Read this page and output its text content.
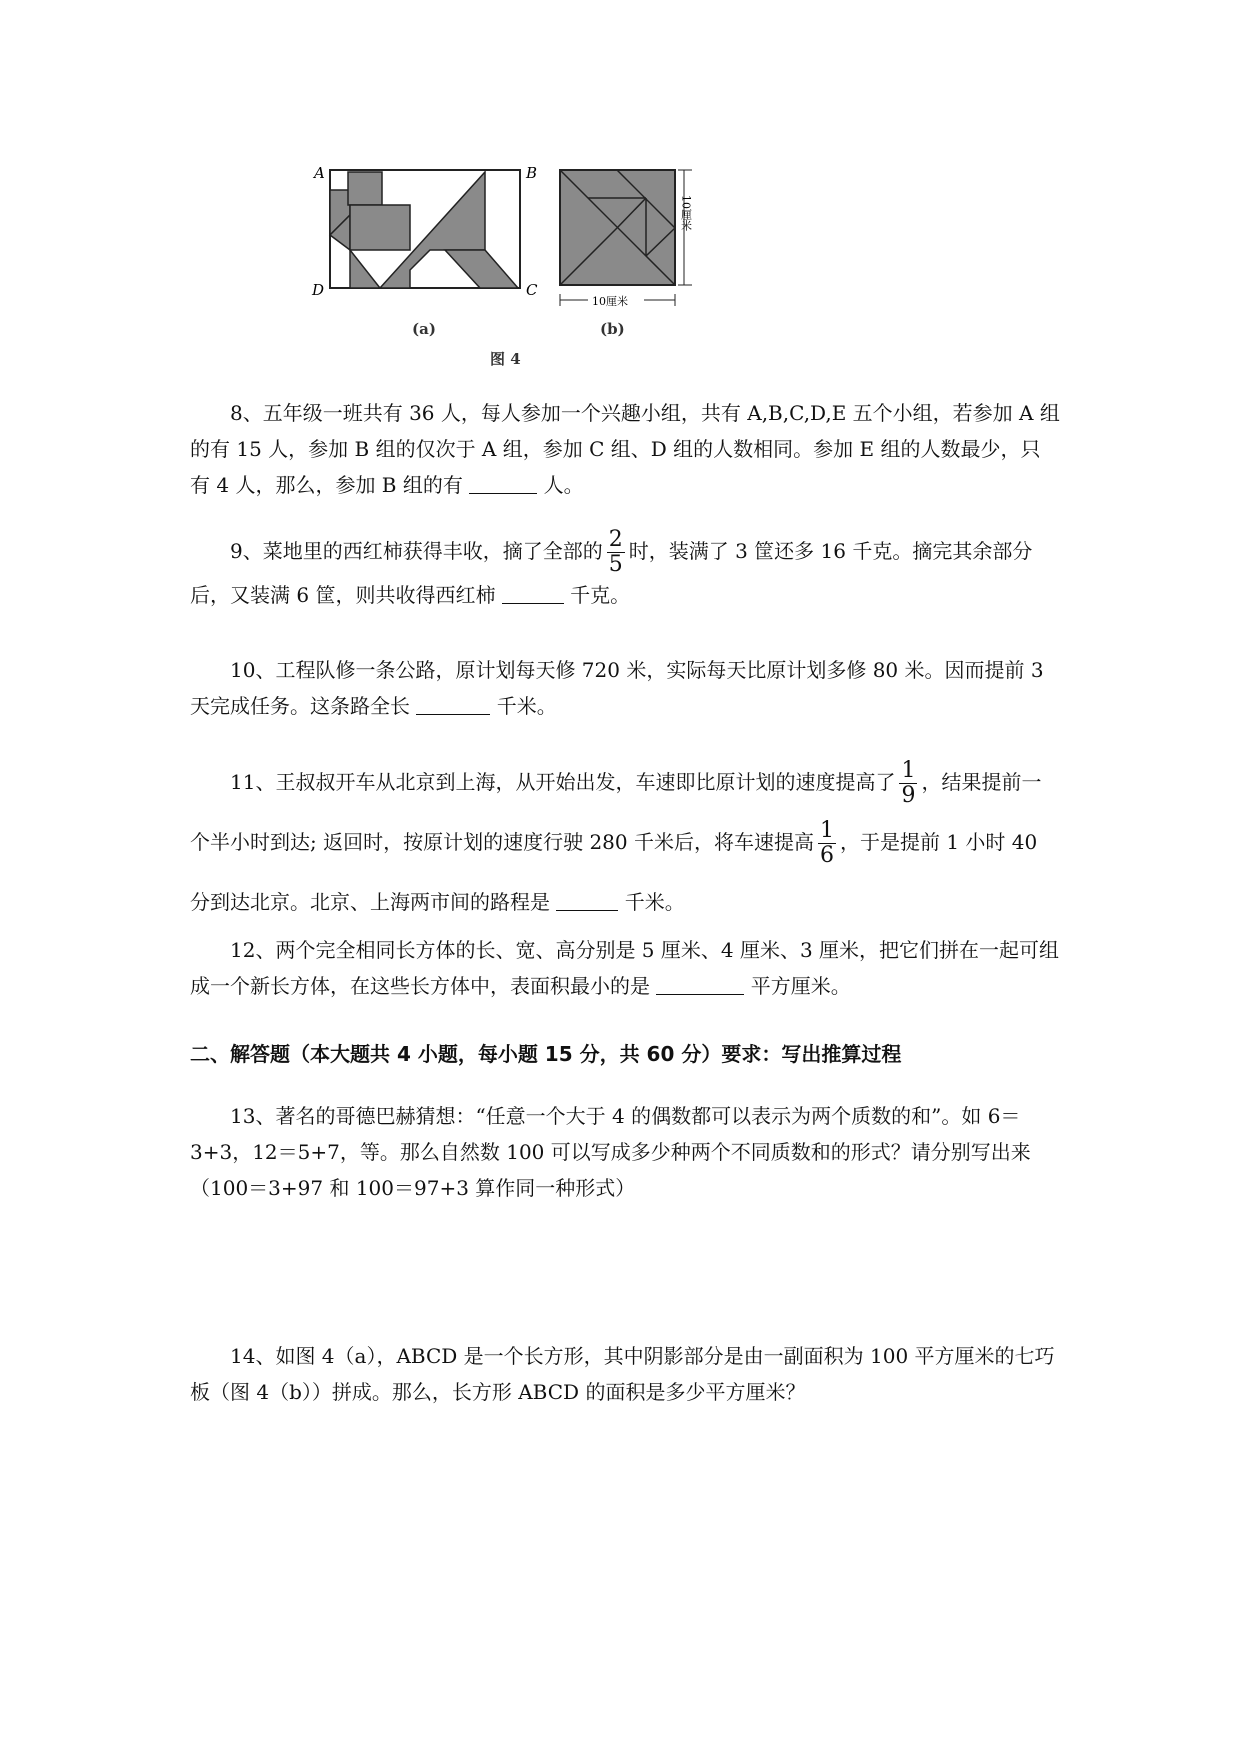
A	B
C
D
10厘米
10厘米
(a)	(b)
图 4

8、五年级一班共有 36 人，每人参加一个兴趣小组，共有 A,B,C,D,E 五个小组，若参加 A 组的有 15 人，参加 B 组的仅次于 A 组，参加 C 组、D 组的人数相同。参加 E 组的人数最少，只有 4 人，那么，参加 B 组的有	人。

9、菜地里的西红柿获得丰收，摘了全部的 $\frac{2}{5}$ 时，装满了 3 筐还多 16 千克。摘完其余部分后，又装满 6 筐，则共收得西红柿	千克。

10、工程队修一条公路，原计划每天修 720 米，实际每天比原计划多修 80 米。因而提前 3 天完成任务。这条路全长	千米。

11、王叔叔开车从北京到上海，从开始出发，车速即比原计划的速度提高了 $\frac{1}{9}$ ，结果提前一个半小时到达; 返回时，按原计划的速度行驶 280 千米后，将车速提高 $\frac{1}{6}$ ，于是提前 1 小时 40 分到达北京。北京、上海两市间的路程是	千米。

12、两个完全相同长方体的长、宽、高分别是 5 厘米、4 厘米、3 厘米，把它们拼在一起可组成一个新长方体，在这些长方体中，表面积最小的是	平方厘米。

二、解答题（本大题共 4 小题，每小题 15 分，共 60 分）要求：写出推算过程

13、著名的哥德巴赫猜想：“任意一个大于 4 的偶数都可以表示为两个质数的和”。如 6＝3+3，12＝5+7，等。那么自然数 100 可以写成多少种两个不同质数和的形式？请分别写出来（100＝3+97 和 100＝97+3 算作同一种形式）

14、如图 4（a），ABCD 是一个长方形，其中阴影部分是由一副面积为 100 平方厘米的七巧板（图 4（b））拼成。那么，长方形 ABCD 的面积是多少平方厘米？
